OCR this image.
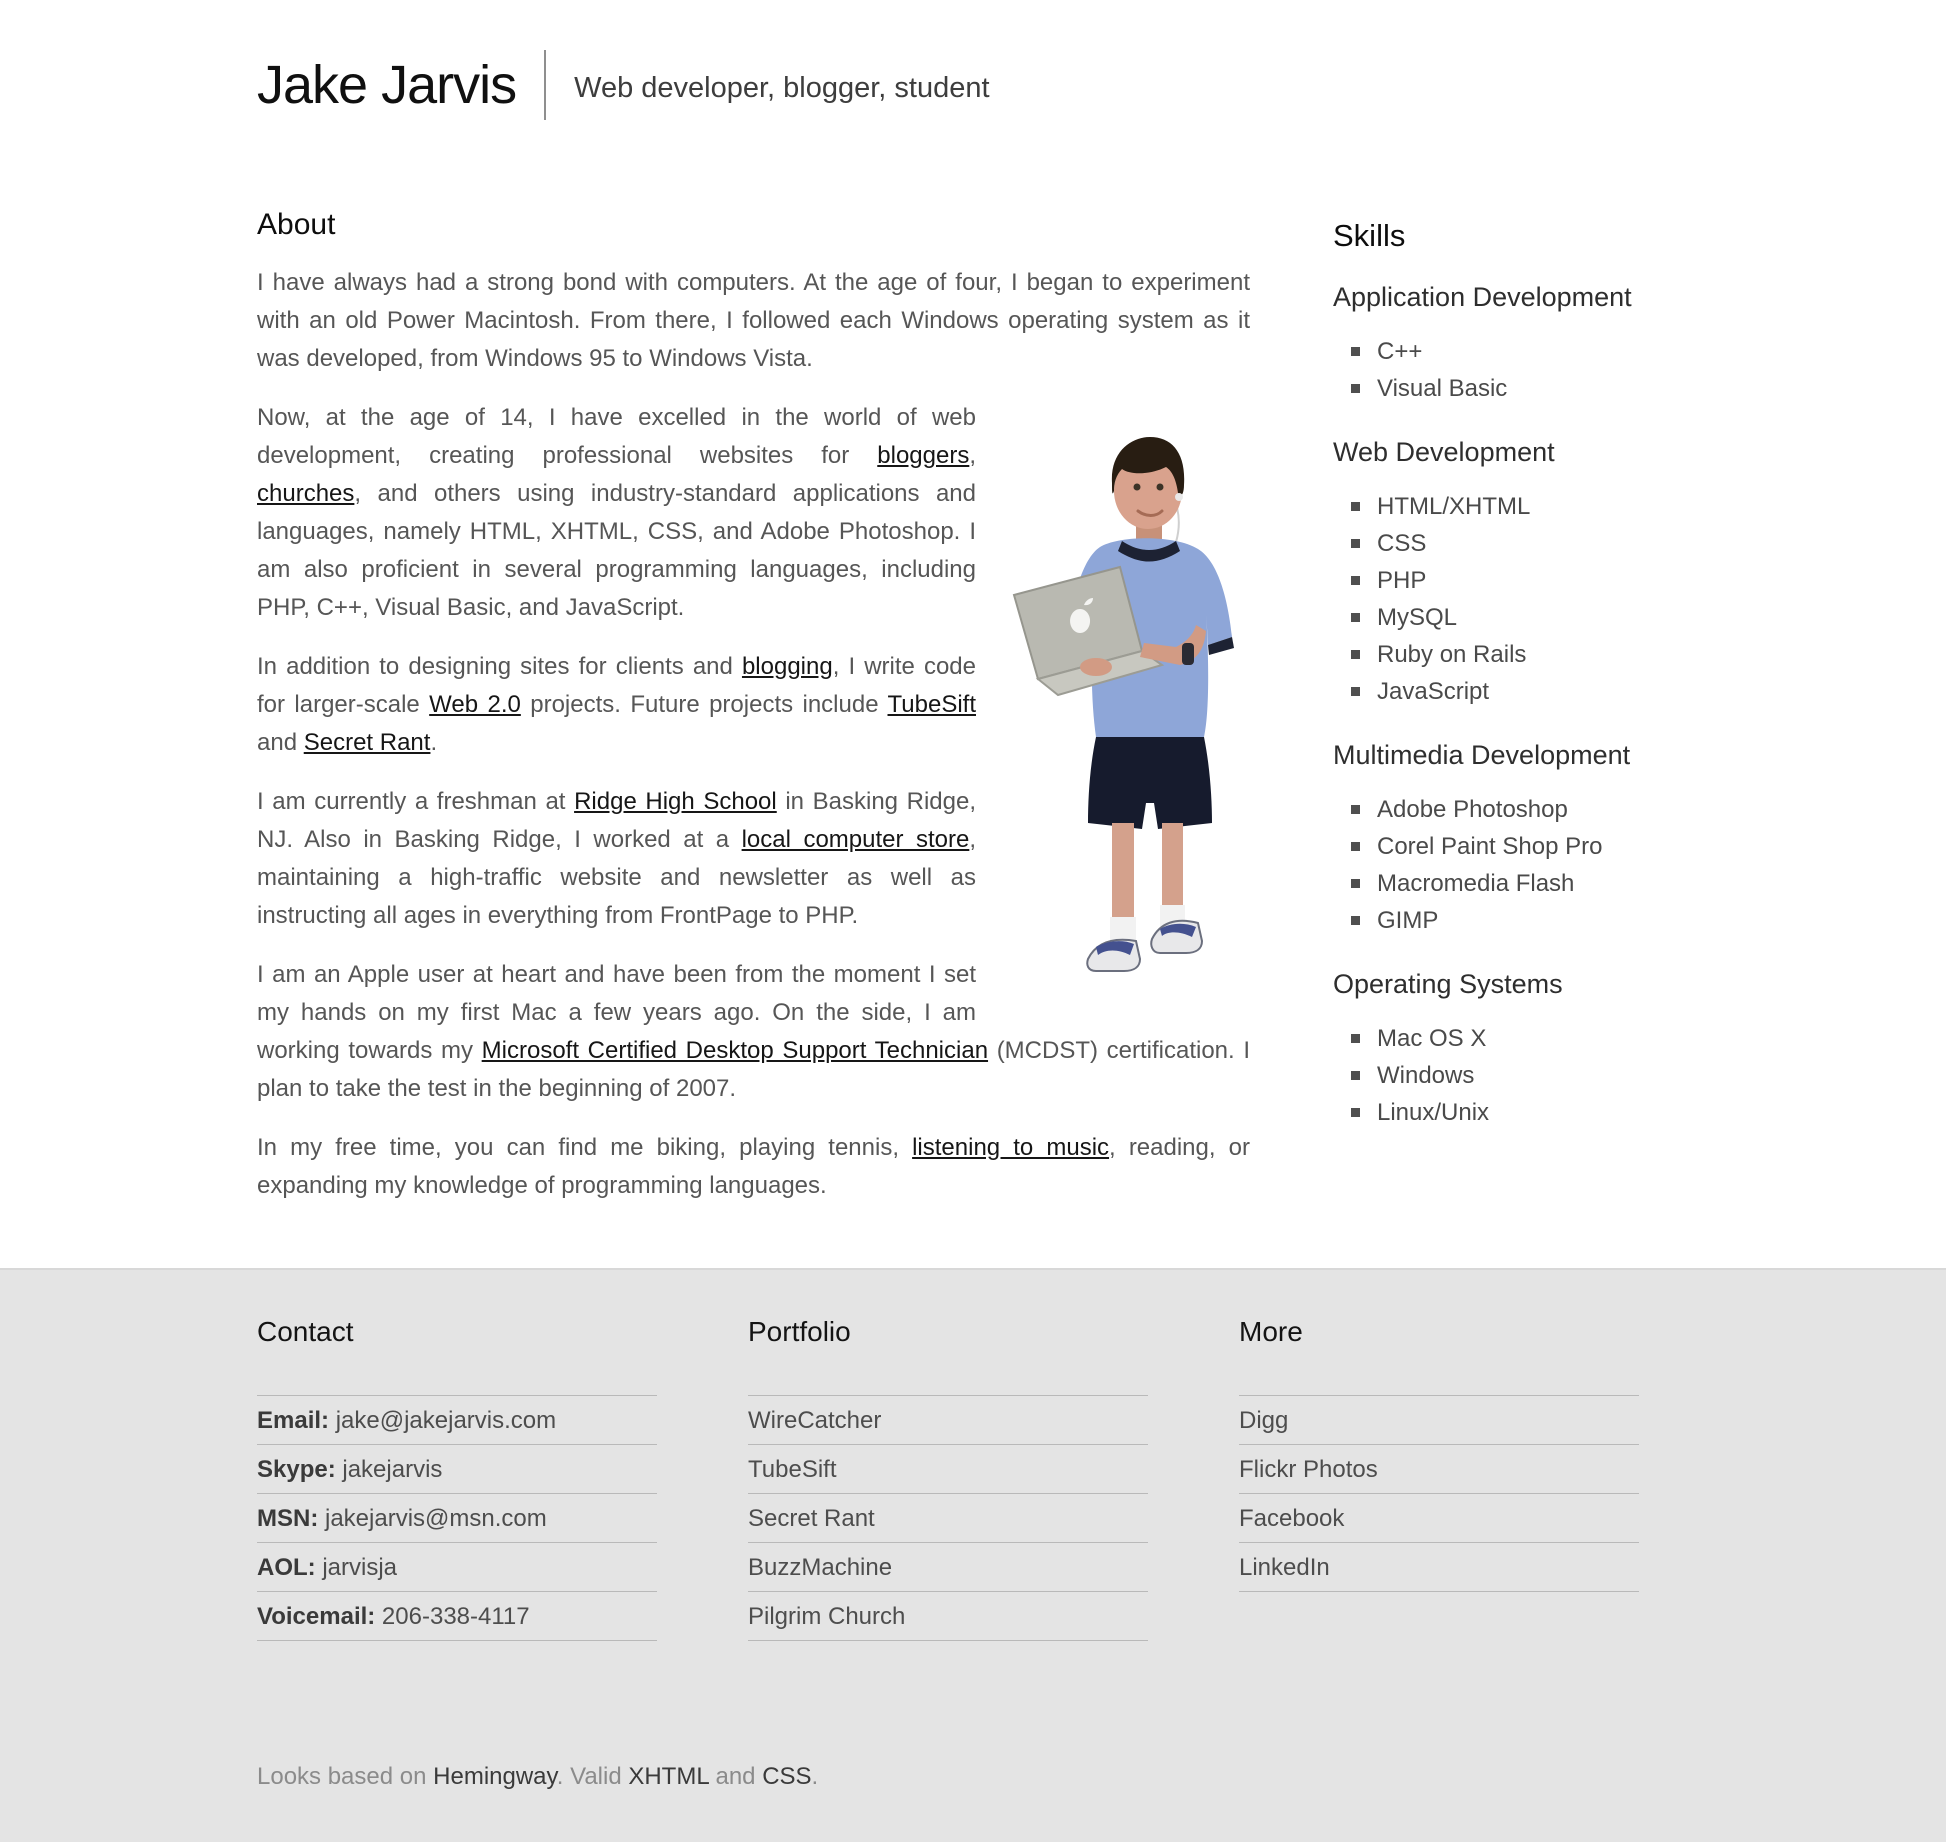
Jake Jarvis Web developer, blogger, student
About

I have always had a strong bond with computers. At the age of four, I began to experiment with an old Power Macintosh. From there, I followed each Windows operating system as it was developed, from Windows 95 to Windows Vista.

Now, at the age of 14, I have excelled in the world of web development, creating professional websites for bloggers, churches, and others using industry-standard applications and languages, namely HTML, XHTML, CSS, and Adobe Photoshop. I am also proficient in several programming languages, including PHP, C++, Visual Basic, and JavaScript.

In addition to designing sites for clients and blogging, I write code for larger-scale Web 2.0 projects. Future projects include TubeSift and Secret Rant.

I am currently a freshman at Ridge High School in Basking Ridge, NJ. Also in Basking Ridge, I worked at a local computer store, maintaining a high-traffic website and newsletter as well as instructing all ages in everything from FrontPage to PHP.

I am an Apple user at heart and have been from the moment I set my hands on my first Mac a few years ago. On the side, I am working towards my Microsoft Certified Desktop Support Technician (MCDST) certification. I plan to take the test in the beginning of 2007.

In my free time, you can find me biking, playing tennis, listening to music, reading, or expanding my knowledge of programming languages.

Skills
Application Development
C++
Visual Basic
Web Development
HTML/XHTML
CSS
PHP
MySQL
Ruby on Rails
JavaScript
Multimedia Development
Adobe Photoshop
Corel Paint Shop Pro
Macromedia Flash
GIMP
Operating Systems
Mac OS X
Windows
Linux/Unix
Contact
Email: jake@jakejarvis.com
Skype: jakejarvis
MSN: jakejarvis@msn.com
AOL: jarvisja
Voicemail: 206-338-4117
Portfolio
WireCatcher
TubeSift
Secret Rant
BuzzMachine
Pilgrim Church
More
Digg
Flickr Photos
Facebook
LinkedIn
Looks based on Hemingway. Valid XHTML and CSS.
